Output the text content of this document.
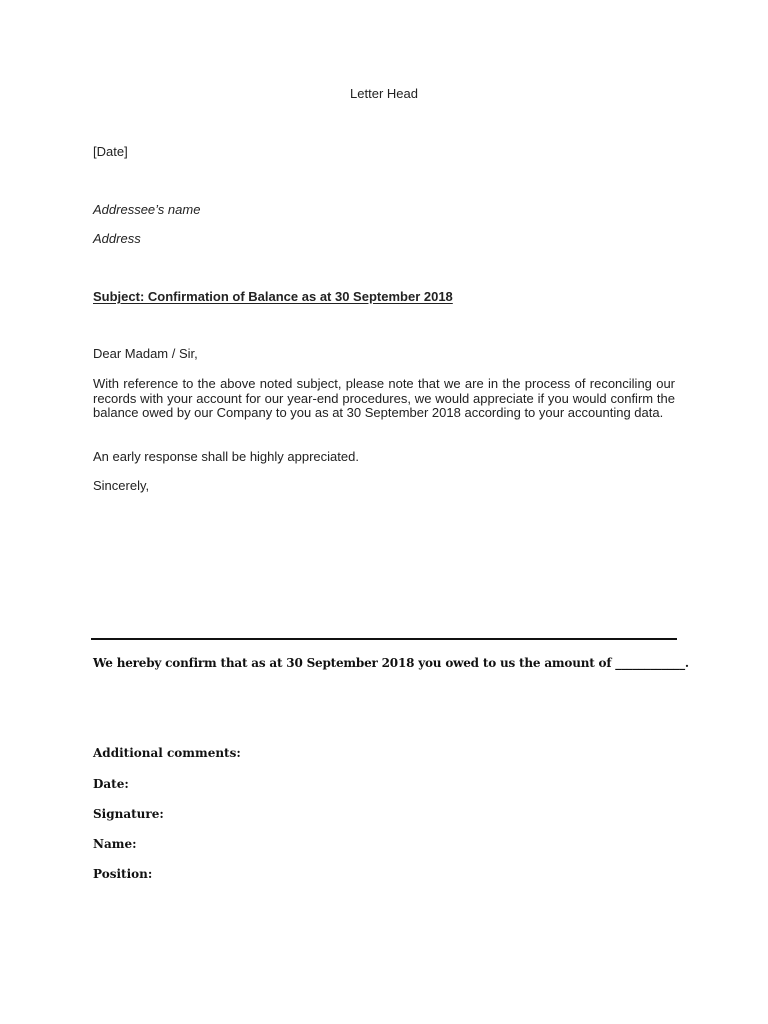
Letter Head
[Date]
Addressee’s name
Address
Subject: Confirmation of Balance as at 30 September 2018
Dear Madam / Sir,
With reference to the above noted subject, please note that we are in the process of reconciling our records with your account for our year-end procedures, we would appreciate if you would confirm the balance owed by our Company to you as at 30 September 2018 according to your accounting data.
An early response shall be highly appreciated.
Sincerely,
We hereby confirm that as at 30 September 2018 you owed to us the amount of ____________.
Additional comments:
Date:
Signature:
Name:
Position:
